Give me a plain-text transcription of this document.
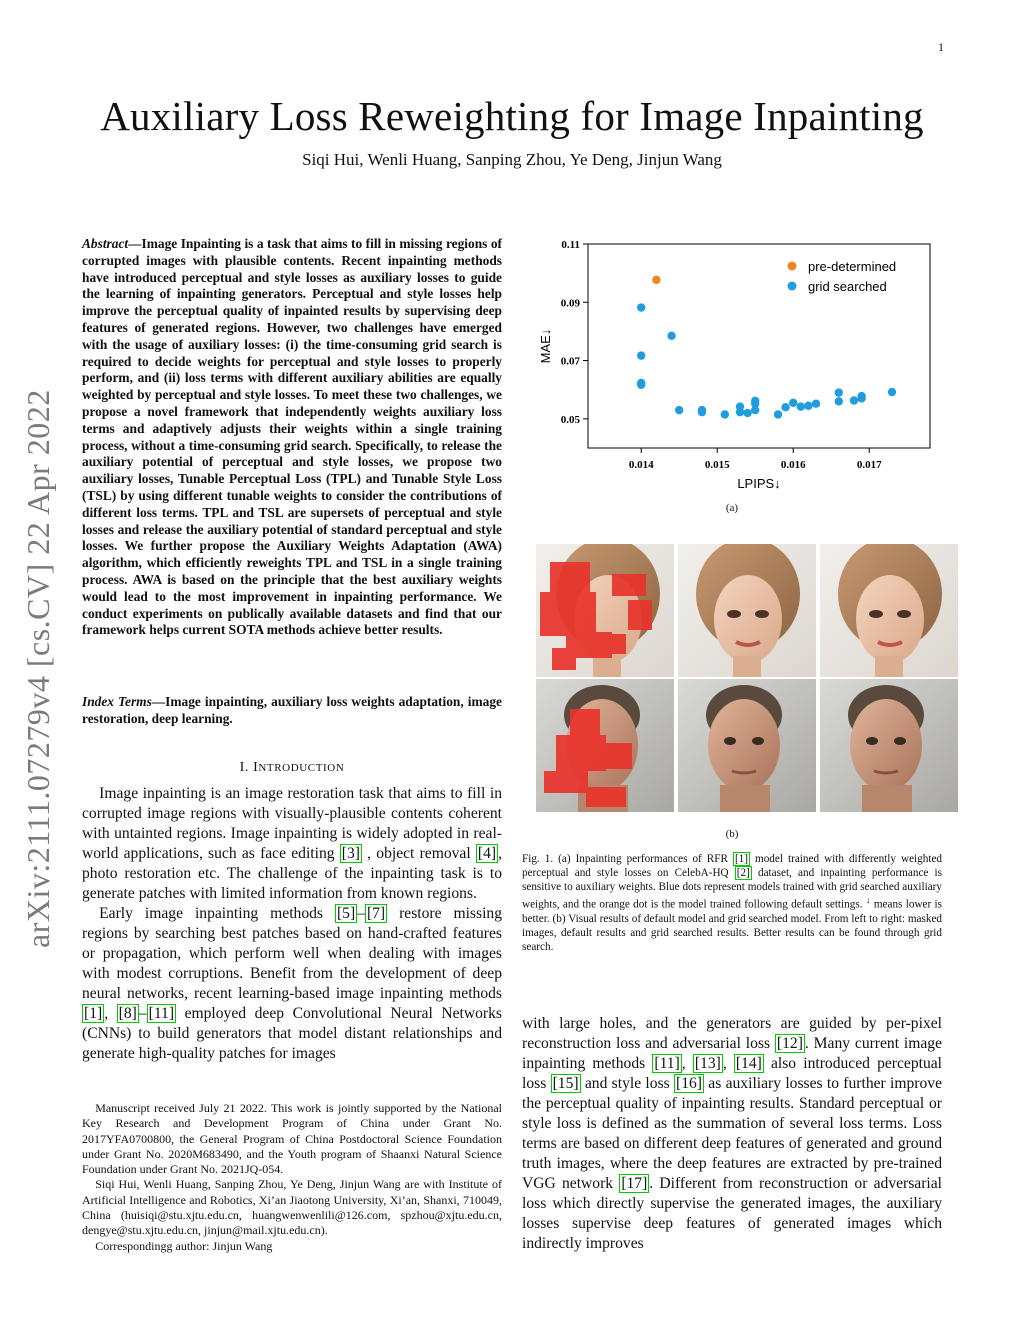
1
Auxiliary Loss Reweighting for Image Inpainting
Siqi Hui, Wenli Huang, Sanping Zhou, Ye Deng, Jinjun Wang
arXiv:2111.07279v4 [cs.CV] 22 Apr 2022
Abstract—Image Inpainting is a task that aims to fill in missing regions of corrupted images with plausible contents. Recent inpainting methods have introduced perceptual and style losses as auxiliary losses to guide the learning of inpainting generators. Perceptual and style losses help improve the perceptual quality of inpainted results by supervising deep features of generated regions. However, two challenges have emerged with the usage of auxiliary losses: (i) the time-consuming grid search is required to decide weights for perceptual and style losses to properly perform, and (ii) loss terms with different auxiliary abilities are equally weighted by perceptual and style losses. To meet these two challenges, we propose a novel framework that independently weights auxiliary loss terms and adaptively adjusts their weights within a single training process, without a time-consuming grid search. Specifically, to release the auxiliary potential of perceptual and style losses, we propose two auxiliary losses, Tunable Perceptual Loss (TPL) and Tunable Style Loss (TSL) by using different tunable weights to consider the contributions of different loss terms. TPL and TSL are supersets of perceptual and style losses and release the auxiliary potential of standard perceptual and style losses. We further propose the Auxiliary Weights Adaptation (AWA) algorithm, which efficiently reweights TPL and TSL in a single training process. AWA is based on the principle that the best auxiliary weights would lead to the most improvement in inpainting performance. We conduct experiments on publically available datasets and find that our framework helps current SOTA methods achieve better results.
Index Terms—Image inpainting, auxiliary loss weights adaptation, image restoration, deep learning.
I. INTRODUCTION

Image inpainting is an image restoration task that aims to fill in corrupted image regions with visually-plausible contents coherent with untainted regions. Image inpainting is widely adopted in real-world applications, such as face editing [3] , object removal [4] , photo restoration etc. The challenge of the inpainting task is to generate patches with limited information from known regions.

Early image inpainting methods [5] – [7] restore missing regions by searching best patches based on hand-crafted features or propagation, which perform well when dealing with images with modest corruptions. Benefit from the development of deep neural networks, recent learning-based image inpainting methods [1] , [8] – [11] employed deep Convolutional Neural Networks (CNNs) to build generators that model distant relationships and generate high-quality patches for images

Manuscript received July 21 2022. This work is jointly supported by the National Key Research and Development Program of China under Grant No. 2017YFA0700800, the General Program of China Postdoctoral Science Foundation under Grant No. 2020M683490, and the Youth program of Shaanxi Natural Science Foundation under Grant No. 2021JQ-054.

Siqi Hui, Wenli Huang, Sanping Zhou, Ye Deng, Jinjun Wang are with Institute of Artificial Intelligence and Robotics, Xi’an Jiaotong University, Xi’an, Shanxi, 710049, China (huisiqi@stu.xjtu.edu.cn, huangwenwenlili@126.com, spzhou@xjtu.edu.cn, dengye@stu.xjtu.edu.cn, jinjun@mail.xjtu.edu.cn).

Correspondingg author: Jinjun Wang

0.014	0.015	0.016	0.017
0.05
0.07
0.09
0.11
LPIPS↓
MAE↓
pre-determined
grid searched
(a)
(b)
Fig. 1. (a) Inpainting performances of RFR [1] model trained with differently weighted perceptual and style losses on CelebA-HQ [2] dataset, and inpainting performance is sensitive to auxiliary weights. Blue dots represent models trained with grid searched auxiliary weights, and the orange dot is the model trained following default settings. ↓ means lower is better. (b) Visual results of default model and grid searched model. From left to right: masked images, default results and grid searched results. Better results can be found through grid search.
with large holes, and the generators are guided by per-pixel reconstruction loss and adversarial loss [12] . Many current image inpainting methods [11] , [13] , [14] also introduced perceptual loss [15] and style loss [16] as auxiliary losses to further improve the perceptual quality of inpainting results. Standard perceptual or style loss is defined as the summation of several loss terms. Loss terms are based on different deep features of generated and ground truth images, where the deep features are extracted by pre-trained VGG network [17] . Different from reconstruction or adversarial loss which directly supervise the generated images, the auxiliary losses supervise deep features of generated images which indirectly improves
